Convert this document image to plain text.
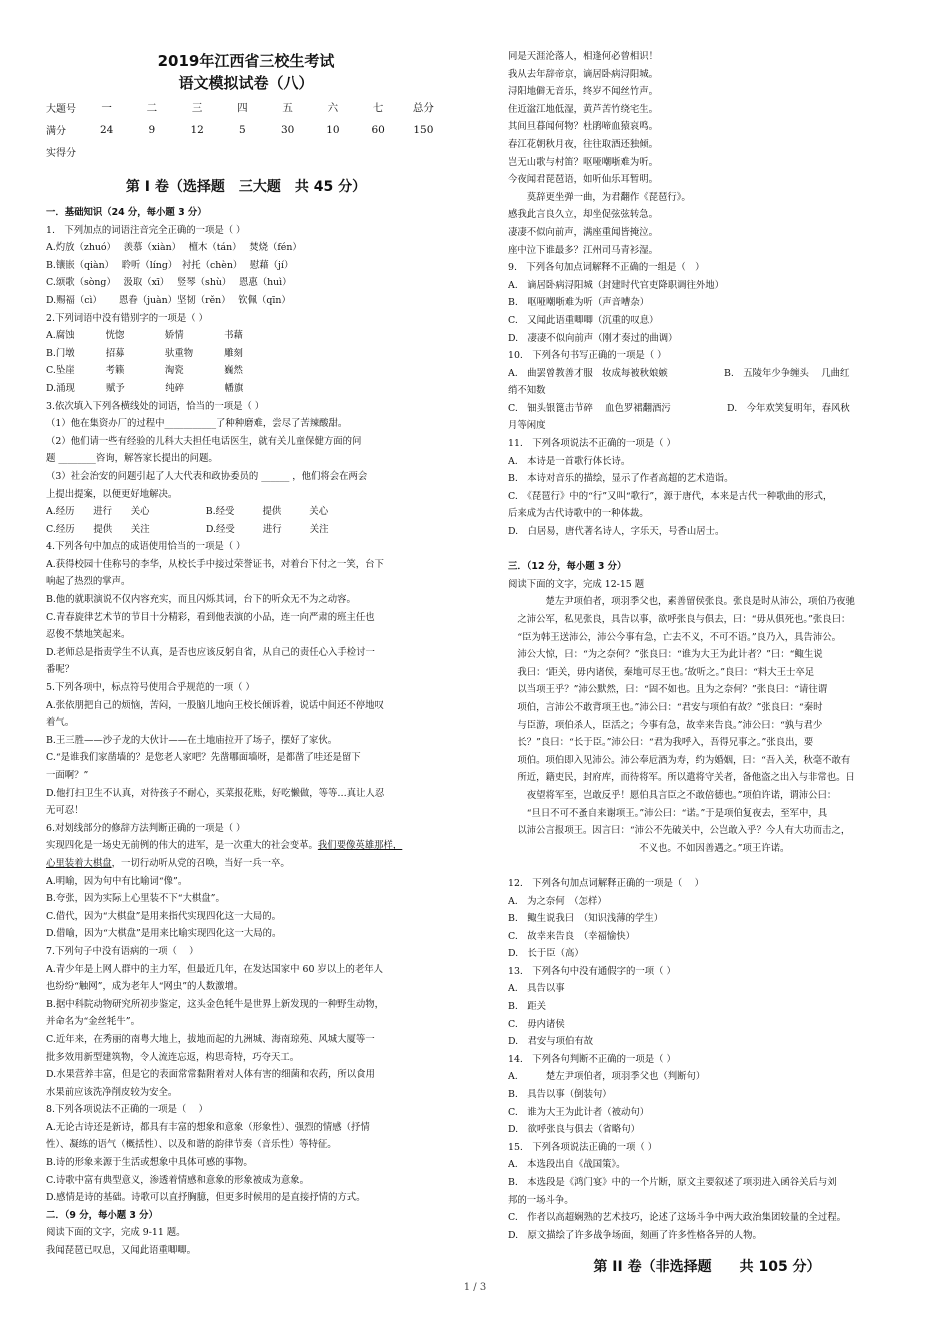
2019年江西省三校生考试
语文模拟试卷（八）
大题号	一	二	三	四	五	六	七	总分
满分	24	9	12	5	30	10	60	150
实得分
第 I 卷（选择题　三大题　共 45 分）
一．基础知识（24 分，每小题 3 分）
1.　下列加点的词语注音完全正确的一项是（ ）
A.灼放（zhuó）　 羡慕（xiàn）　 檀木（tán）　 焚烧（fén）
B.镶嵌（qiàn）　 聆听（líng）　衬托（chèn）　 慰藉（jí）
C.颂歌（sòng）　 汲取（xī）　 竖琴（shù）　 恩惠（huì）
D.赐福（cì）　　 恩眷（juàn）坚韧（rěn）　 钦佩（qīn）
2.下列词语中没有错别字的一项是（ ）
A.腐蚀　　　 恍惚　　　　 娇情　　　　 书藉
B.门墩　　　 招募　　　　 驮重物　　　 雕刻
C.坠崖　　　 考籁　　　　 淘瓷　　　　 巍然
D.涌现　　　 赋予　　　　 纯碎　　　　 幡旗
3.依次填入下列各横线处的词语，恰当的一项是（ ）
（1）他在集资办厂的过程中___________了种种磨难，尝尽了苦辣酸甜。
（2）他们请一些有经验的儿科大夫担任电话医生，就有关儿童保健方面的问
题 ________咨询，解答家长提出的问题。
（3）社会治安的问题引起了人大代表和政协委员的 ______ ，他们将会在两会
上提出提案，以便更好地解决。
A.经历　　进行　　关心　　　　　　B.经受　　　提供　　　关心
C.经历　　提供　　关注　　　　　　D.经受　　　进行　　　关注
4.下列各句中加点的成语使用恰当的一项是（ ）
A.获得校园十佳称号的李华，从校长手中接过荣誉证书，对着台下付之一笑，台下
响起了热烈的掌声。
B.他的就职演说不仅内容充实，而且闪烁其词，台下的听众无不为之动容。
C.青春旋律艺术节的节目十分精彩，看到他表演的小品，连一向严肃的班主任也
忍俊不禁地笑起来。
D.老师总是指责学生不认真，是否也应该反躬自省，从自己的责任心入手检讨一
番呢？
5.下列各项中，标点符号使用合乎规范的一项（ ）
A.张依朋把自己的烦恼，苦闷，一股脑儿地向王校长倾诉着，说话中间还不停地叹
着气。
B.王三胜——沙子龙的大伙计——在土地庙拉开了场子，摆好了家伙。
C.“是谁我们家凿墙的？是您老人家吧？先凿哪面墙呀，是都凿了哇还是留下
一面啊？”
D.他打扫卫生不认真，对待孩子不耐心，买菜报花账，好吃懒做，等等…真让人忍
无可忍！
6.对划线部分的修辞方法判断正确的一项是（ ）
实现四化是一场史无前例的伟大的进军，是一次重大的社会变革。我们要像英雄那样，
心里装着大棋盘，一切行动听从党的召唤，当好一兵一卒。
A.明喻，因为句中有比喻词“像”。
B.夸张，因为实际上心里装不下“大棋盘”。
C.借代，因为“大棋盘”是用来指代实现四化这一大局的。
D.借喻，因为“大棋盘”是用来比喻实现四化这一大局的。
7.下列句子中没有语病的一项（　 ）
A.青少年是上网人群中的主力军，但最近几年，在发达国家中 60 岁以上的老年人
也纷纷“触网”，成为老年人“网虫”的人数激增。
B.据中科院动物研究所初步鉴定，这头金色牦牛是世界上新发现的一种野生动物，
并命名为“金丝牦牛”。
C.近年来，在秀丽的南粤大地上，拔地而起的九洲城、海南琼苑、风城大厦等一
批多效用新型建筑物，令人流连忘返，构思奇特，巧夺天工。
D.水果营养丰富，但是它的表面常常黏附着对人体有害的细菌和农药，所以食用
水果前应该洗净削皮较为安全。
8.下列各项说法不正确的一项是（　 ）
A.无论古诗还是新诗，都具有丰富的想象和意象（形象性）、强烈的情感（抒情
性）、凝练的语气（概括性）、以及和谐的韵律节奏（音乐性）等特征。
B.诗的形象来源于生活或想象中具体可感的事物。
C.诗歌中富有典型意义，渗透着情感和意象的形象被成为意象。
D.感情是诗的基础。诗歌可以直抒胸臆，但更多时候用的是直接抒情的方式。
二．（9 分，每小题 3 分）
阅读下面的文字，完成 9-11 题。
我闻琵琶已叹息，又闻此语重唧唧。
同是天涯沦落人，相逢何必曾相识！
我从去年辞帝京，谪居卧病浔阳城。
浔阳地僻无音乐，终岁不闻丝竹声。
住近湓江地低湿，黄芦苦竹绕宅生。
其间旦暮闻何物？杜鹃啼血猿哀鸣。
春江花朝秋月夜，往往取酒还独倾。
岂无山歌与村笛？呕哑嘲哳难为听。
今夜闻君琵琶语，如听仙乐耳暂明。
　　莫辞更坐弹一曲，为君翻作《琵琶行》。
感我此言良久立，却坐促弦弦转急。
凄凄不似向前声，满座重闻皆掩泣。
座中泣下谁最多？江州司马青衫湿。
9.　下列各句加点词解释不正确的一组是（　）
A.　谪居卧病浔阳城（封建时代官吏降职调往外地）
B.　呕哑嘲哳难为听（声音嘈杂）
C.　又闻此语重唧唧（沉重的叹息）
D.　凄凄不似向前声（刚才奏过的曲调）
10.　下列各句书写正确的一项是（ ）
A.　曲罢曾教善才服　妆成每被秋娘嫉　　　　　　B.　五陵年少争缠头　 几曲红
绡不知数
C.　钿头银篦击节碎　 血色罗裙翻酒污　　　　　　D.　今年欢笑复明年，春风秋
月等闲度
11.　下列各项说法不正确的一项是（ ）
A.　本诗是一首歌行体长诗。
B.　本诗对音乐的描绘，显示了作者高超的艺术造诣。
C.　《琵琶行》中的“行”又叫“歌行”，源于唐代，本来是古代一种歌曲的形式，
后来成为古代诗歌中的一种体裁。
D.　白居易，唐代著名诗人，字乐天，号香山居士。

三．（12 分，每小题 3 分）
阅读下面的文字，完成 12-15 题
　　　　楚左尹项伯者，项羽季父也，素善留侯张良。张良是时从沛公，项伯乃夜驰
　之沛公军，私见张良，具告以事，欲呼张良与俱去，曰：“毋从俱死也。”张良曰：
　“臣为韩王送沛公，沛公今事有急，亡去不义，不可不语。”良乃入，具告沛公。
　沛公大惊，曰：“为之奈何？”张良曰：“谁为大王为此计者？”曰：“鲰生说
　我曰：‘距关，毋内诸侯，秦地可尽王也。’故听之。”良曰：“料大王士卒足
　以当项王乎？”沛公默然，曰：“固不如也。且为之奈何？”张良曰：“请往谓
　项伯，言沛公不敢背项王也。”沛公曰：“君安与项伯有故？”张良曰：“秦时
　与臣游，项伯杀人，臣活之；今事有急，故幸来告良。”沛公曰：“孰与君少
　长？”良曰：“长于臣。”沛公曰：“君为我呼入，吾得兄事之。”张良出，要
　项伯。项伯即入见沛公。沛公奉卮酒为寿，约为婚姻，曰：“吾入关，秋毫不敢有
　所近，籍吏民，封府库，而待将军。所以遣将守关者，备他盗之出入与非常也。日
　　夜望将军至，岂敢反乎！愿伯具言臣之不敢倍德也。”项伯许诺，谓沛公曰：
　　“旦日不可不蚤自来谢项王。”沛公曰：“诺。”于是项伯复夜去，至军中，具
　以沛公言报项王。因言曰：“沛公不先破关中，公岂敢入乎？今人有大功而击之，
　　　　　　　　　　　　　　不义也。不如因善遇之。”项王许诺。

12.　下列各句加点词解释正确的一项是（　 ）
A.　为之奈何　（怎样）
B.　鲰生说我曰　（知识浅薄的学生）
C.　故幸来告良　（幸福愉快）
D.　长于臣（高）
13.　下列各句中没有通假字的一项（ ）
A.　具告以事
B.　距关
C.　毋内诸侯
D.　君安与项伯有故
14.　下列各句判断不正确的一项是（ ）
A.　　　楚左尹项伯者，项羽季父也（判断句）
B.　具告以事（倒装句）
C.　谁为大王为此计者（被动句）
D.　欲呼张良与俱去（省略句）
15.　下列各项说法正确的一项（ ）
A.　本选段出自《战国策》。
B.　本选段是《鸿门宴》中的一个片断，原文主要叙述了项羽进入函谷关后与刘
邦的一场斗争。
C.　作者以高超娴熟的艺术技巧，论述了这场斗争中两大政治集团较量的全过程。
D.　原文描绘了许多战争场面，刻画了许多性格各异的人物。
第 II 卷（非选择题　　共 105 分）
1 / 3
